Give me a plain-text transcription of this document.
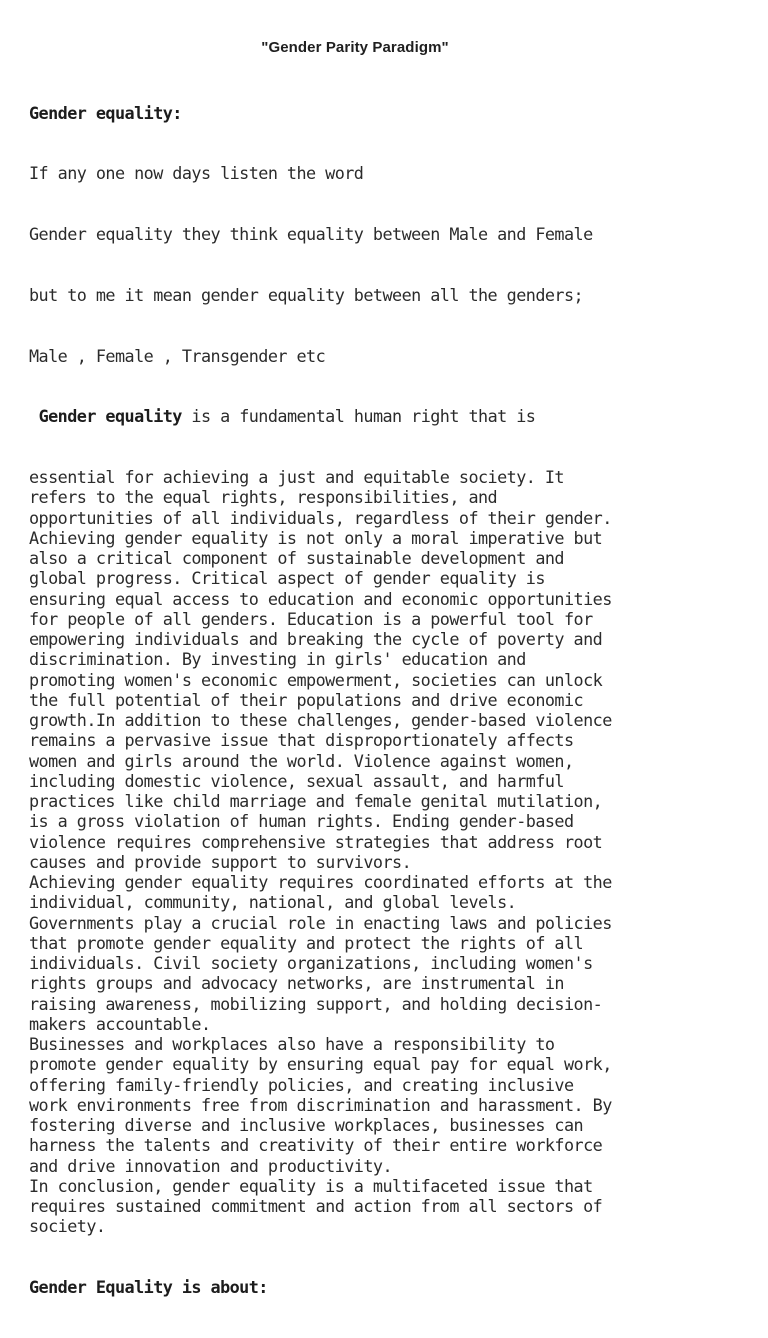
"Gender Parity Paradigm"

Gender equality:

If any one now days listen the word

Gender equality they think equality between Male and Female

but to me it mean gender equality between all the genders;

Male , Female , Transgender etc

Gender equality is a fundamental human right that is

essential for achieving a just and equitable society. It
refers to the equal rights, responsibilities, and
opportunities of all individuals, regardless of their gender.
Achieving gender equality is not only a moral imperative but
also a critical component of sustainable development and
global progress. Critical aspect of gender equality is
ensuring equal access to education and economic opportunities
for people of all genders. Education is a powerful tool for
empowering individuals and breaking the cycle of poverty and
discrimination. By investing in girls' education and
promoting women's economic empowerment, societies can unlock
the full potential of their populations and drive economic
growth.In addition to these challenges, gender-based violence
remains a pervasive issue that disproportionately affects
women and girls around the world. Violence against women,
including domestic violence, sexual assault, and harmful
practices like child marriage and female genital mutilation,
is a gross violation of human rights. Ending gender-based
violence requires comprehensive strategies that address root
causes and provide support to survivors.
Achieving gender equality requires coordinated efforts at the
individual, community, national, and global levels.
Governments play a crucial role in enacting laws and policies
that promote gender equality and protect the rights of all
individuals. Civil society organizations, including women's
rights groups and advocacy networks, are instrumental in
raising awareness, mobilizing support, and holding decision-
makers accountable.
Businesses and workplaces also have a responsibility to
promote gender equality by ensuring equal pay for equal work,
offering family-friendly policies, and creating inclusive
work environments free from discrimination and harassment. By
fostering diverse and inclusive workplaces, businesses can
harness the talents and creativity of their entire workforce
and drive innovation and productivity.
In conclusion, gender equality is a multifaceted issue that
requires sustained commitment and action from all sectors of
society.

Gender Equality is about:
